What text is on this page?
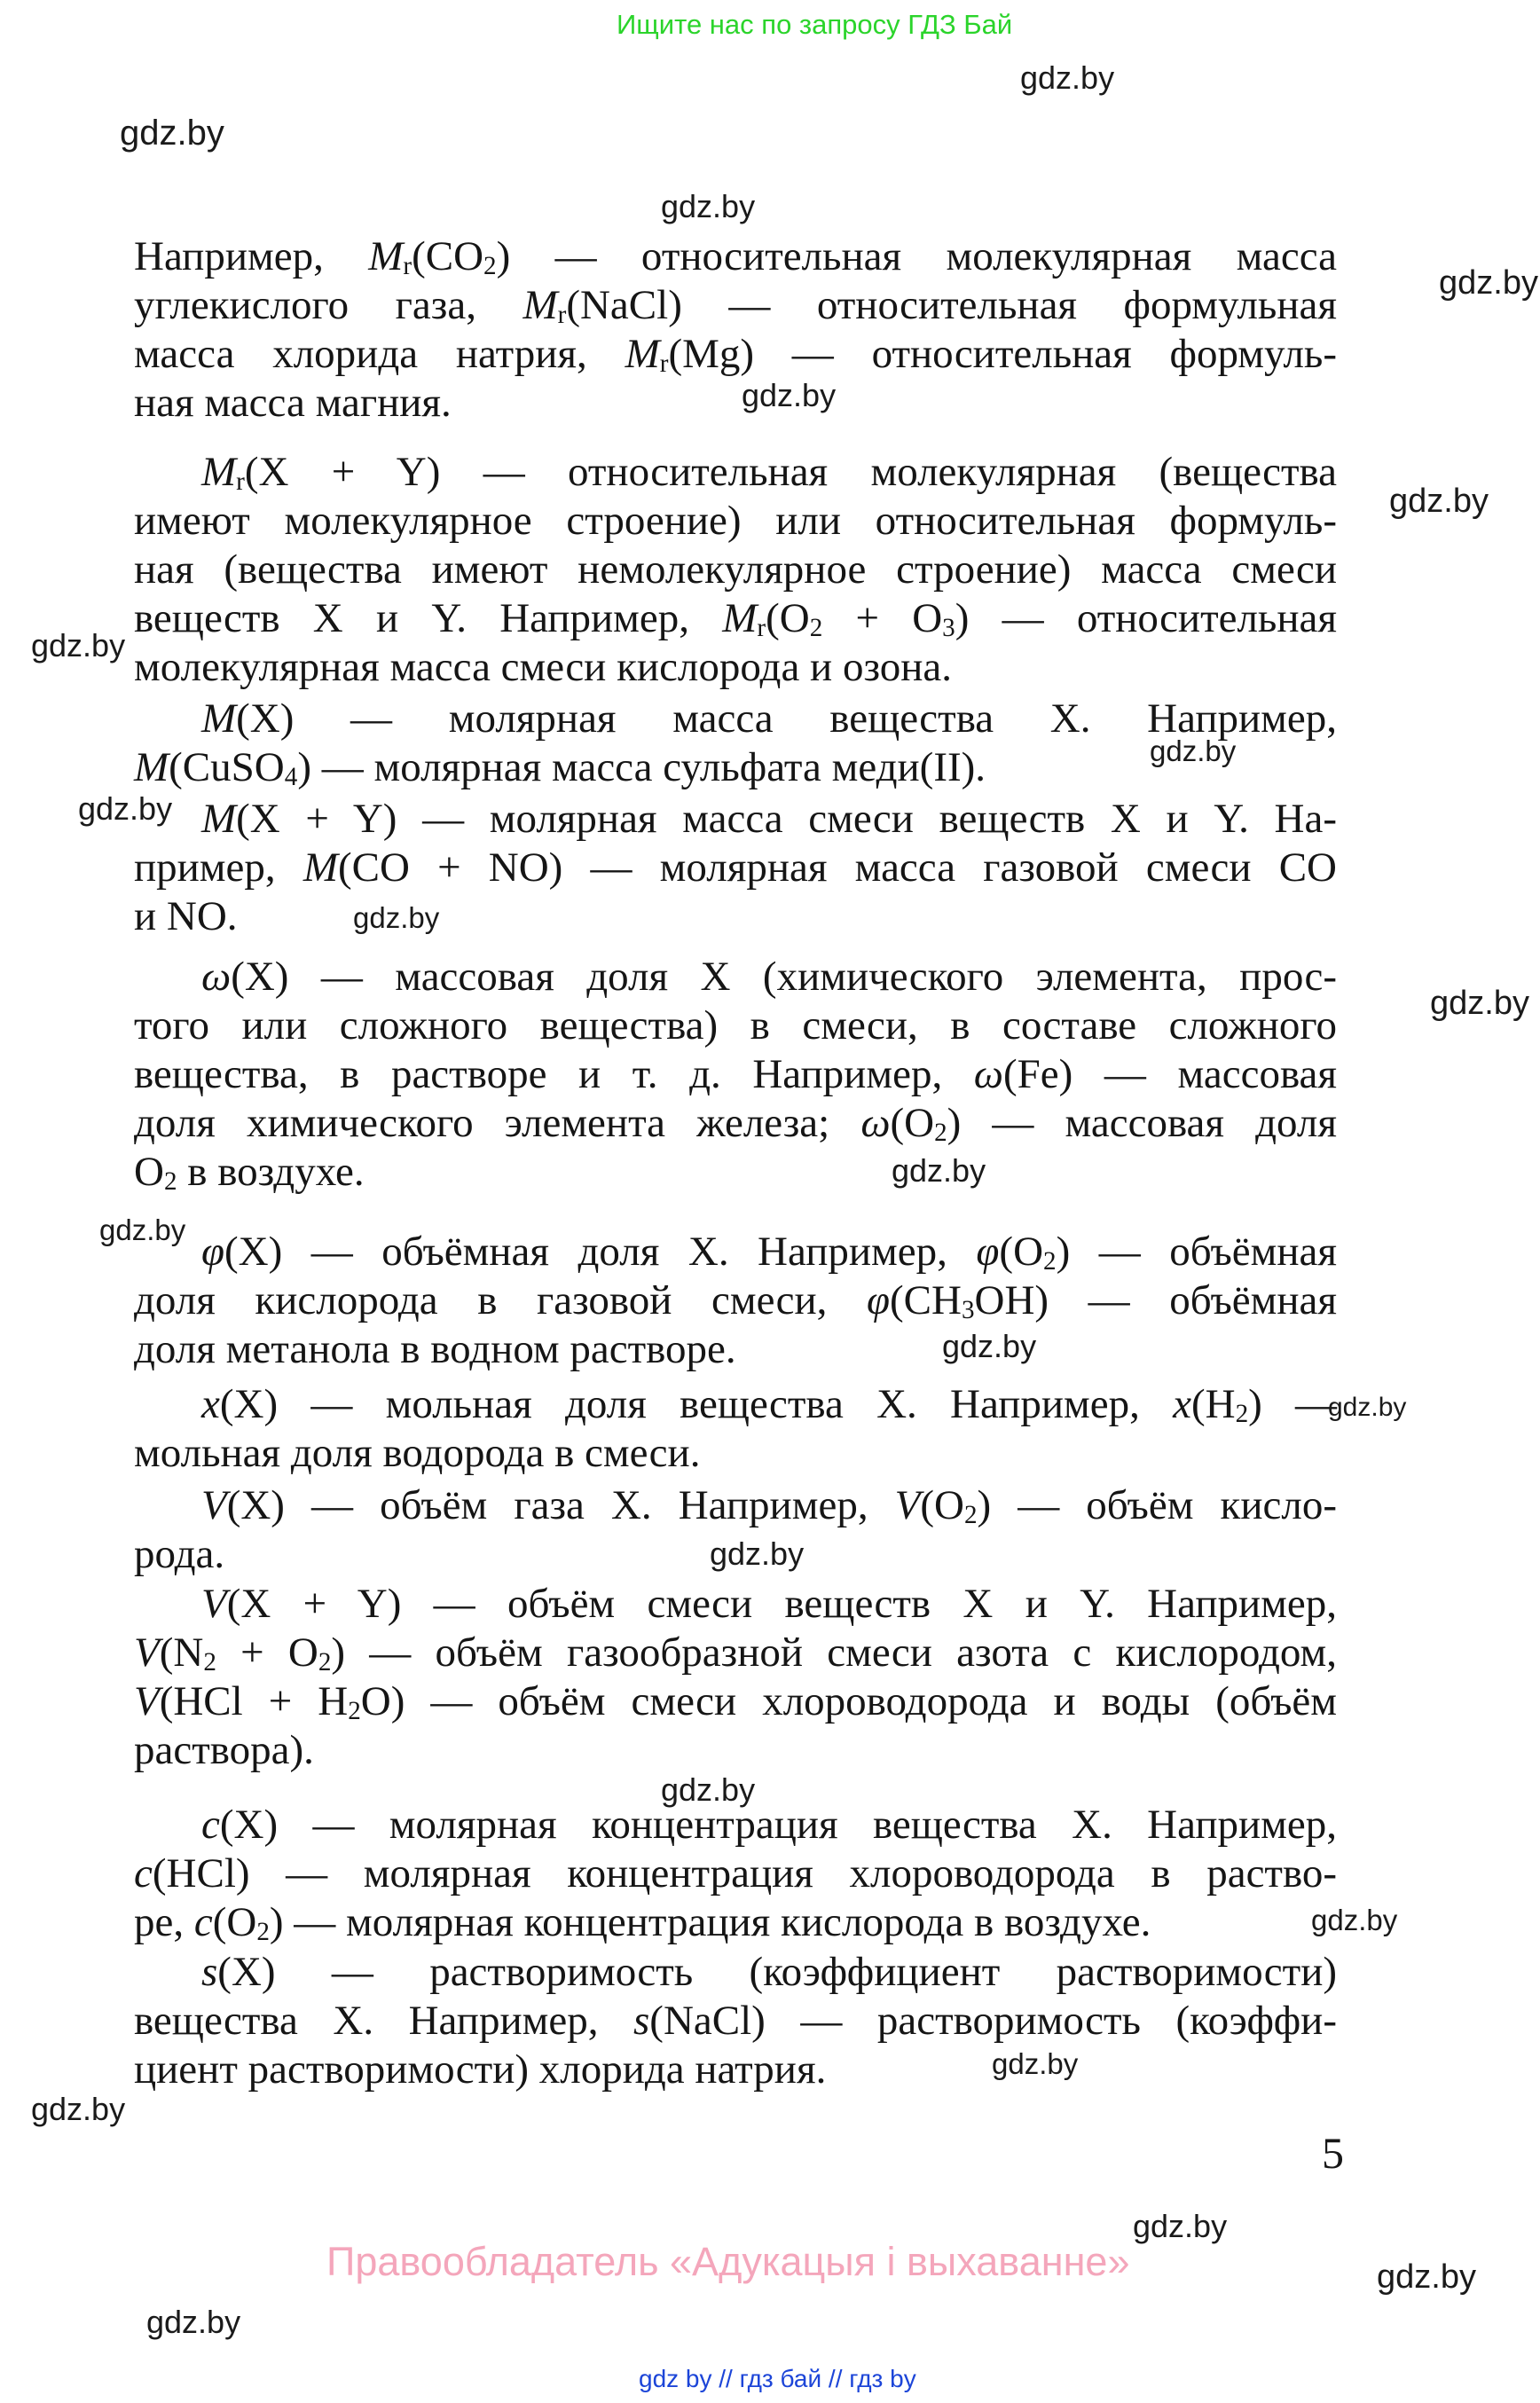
Ищите нас по запросу ГДЗ Бай
Например, $M_r(CO_2)$ — относительная молекулярная масса
углекислого газа, $M_r(NaCl)$ — относительная формульная
масса хлорида натрия, $M_r(Mg)$ — относительная формуль-
ная масса магния.
$M_r(X + Y)$ — относительная молекулярная (вещества
имеют молекулярное строение) или относительная формуль-
ная (вещества имеют немолекулярное строение) масса смеси
веществ X и Y. Например, $M_r(O_2 + O_3)$ — относительная
молекулярная масса смеси кислорода и озона.
M(X) — молярная масса вещества X. Например,
M(CuSO$_4$) — молярная масса сульфата меди(II).
M(X + Y) — молярная масса смеси веществ X и Y. На-
пример, M(CO + NO) — молярная масса газовой смеси CO
и NO.
ω(X) — массовая доля X (химического элемента, прос-
того или сложного вещества) в смеси, в составе сложного
вещества, в растворе и т. д. Например, ω(Fe) — массовая
доля химического элемента железа; $\omega(O_2)$ — массовая доля
$O_2$ в воздухе.
φ(X) — объёмная доля X. Например, $\varphi(O_2)$ — объёмная
доля кислорода в газовой смеси, $\varphi(CH_3OH)$ — объёмная
доля метанола в водном растворе.
x(X) — мольная доля вещества X. Например, $x(H_2)$ —
мольная доля водорода в смеси.
V(X) — объём газа X. Например, $V(O_2)$ — объём кисло-
рода.
V(X + Y) — объём смеси веществ X и Y. Например,
$V(N_2 + O_2)$ — объём газообразной смеси азота с кислородом,
$V(HCl + H_2O)$ — объём смеси хлороводорода и воды (объём
раствора).
c(X) — молярная концентрация вещества X. Например,
c(HCl) — молярная концентрация хлороводорода в раство-
ре, $c(O_2)$ — молярная концентрация кислорода в воздухе.
s(X) — растворимость (коэффициент растворимости)
вещества X. Например, s(NaCl) — растворимость (коэффи-
циент растворимости) хлорида натрия.
gdz.by
gdz.by
gdz.by
gdz.by
gdz.by
gdz.by
gdz.by
gdz.by
gdz.by
gdz.by
gdz.by
gdz.by
gdz.by
gdz.by
gdz.by
gdz.by
gdz.by
gdz.by
gdz.by
gdz.by
gdz.by
gdz.by
gdz.by
5
Правообладатель «Адукацыя і выхаванне»
gdz by // гдз бай // гдз by
